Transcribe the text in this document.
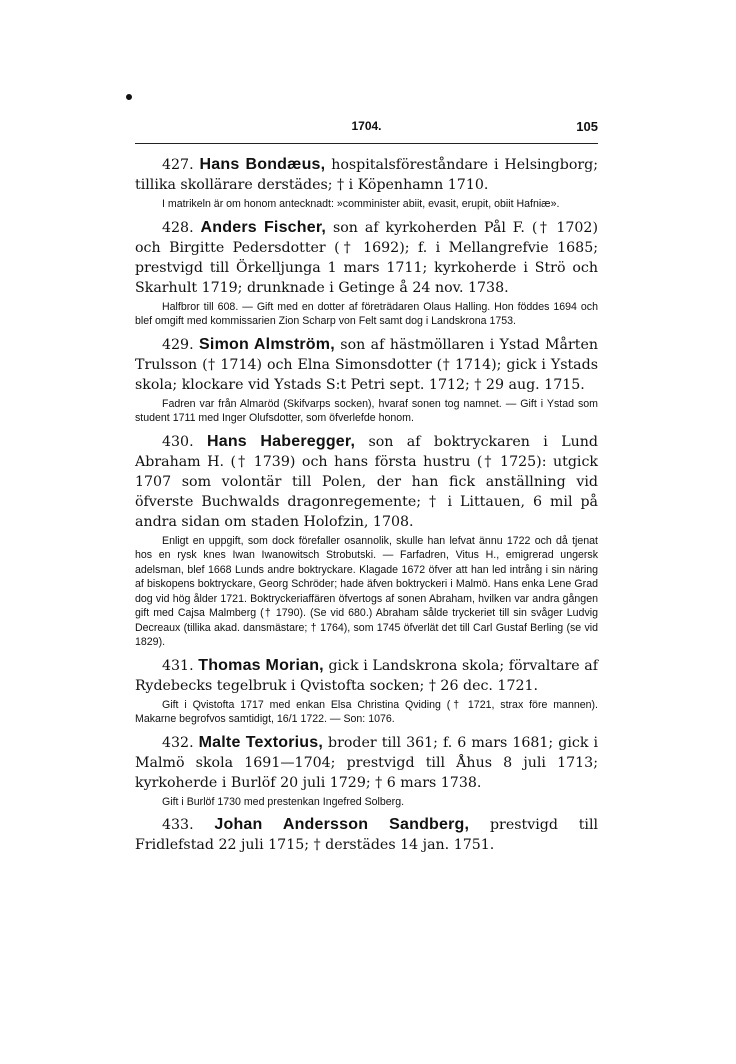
1704.	105

427. Hans Bondæus, hospitalsföreståndare i Helsingborg; tillika skollärare derstädes; † i Köpenhamn 1710.

I matrikeln är om honom antecknadt: »comminister abiit, evasit, erupit, obiit Hafniæ».

428. Anders Fischer, son af kyrkoherden Pål F. († 1702) och Birgitte Pedersdotter († 1692); f. i Mellangrefvie 1685; prestvigd till Örkelljunga 1 mars 1711; kyrkoherde i Strö och Skarhult 1719; drunknade i Getinge å 24 nov. 1738.

Halfbror till 608. — Gift med en dotter af företrädaren Olaus Halling. Hon föddes 1694 och blef omgift med kommissarien Zion Scharp von Felt samt dog i Landskrona 1753.

429. Simon Almström, son af hästmöllaren i Ystad Mårten Trulsson († 1714) och Elna Simonsdotter († 1714); gick i Ystads skola; klockare vid Ystads S:t Petri sept. 1712; † 29 aug. 1715.

Fadren var från Almaröd (Skifvarps socken), hvaraf sonen tog namnet. — Gift i Ystad som student 1711 med Inger Olufsdotter, som öfverlefde honom.

430. Hans Haberegger, son af boktryckaren i Lund Abraham H. († 1739) och hans första hustru († 1725): utgick 1707 som volontär till Polen, der han fick anställning vid öfverste Buchwalds dragonregemente; † i Littauen, 6 mil på andra sidan om staden Holofzin, 1708.

Enligt en uppgift, som dock förefaller osannolik, skulle han lefvat ännu 1722 och då tjenat hos en rysk knes Iwan Iwanowitsch Strobutski. — Farfadren, Vitus H., emigrerad ungersk adelsman, blef 1668 Lunds andre boktryckare. Klagade 1672 öfver att han led intrång i sin näring af biskopens boktryckare, Georg Schröder; hade äfven boktryckeri i Malmö. Hans enka Lene Grad dog vid hög ålder 1721. Boktryckeriaffären öfvertogs af sonen Abraham, hvilken var andra gången gift med Cajsa Malmberg († 1790). (Se vid 680.) Abraham sålde tryckeriet till sin svåger Ludvig Decreaux (tillika akad. dansmästare; † 1764), som 1745 öfverlät det till Carl Gustaf Berling (se vid 1829).

431. Thomas Morian, gick i Landskrona skola; förvaltare af Rydebecks tegelbruk i Qvistofta socken; † 26 dec. 1721.

Gift i Qvistofta 1717 med enkan Elsa Christina Qviding († 1721, strax före mannen). Makarne begrofvos samtidigt, 16/1 1722. — Son: 1076.

432. Malte Textorius, broder till 361; f. 6 mars 1681; gick i Malmö skola 1691—1704; prestvigd till Åhus 8 juli 1713; kyrkoherde i Burlöf 20 juli 1729; † 6 mars 1738.

Gift i Burlöf 1730 med prestenkan Ingefred Solberg.

433. Johan Andersson Sandberg, prestvigd till Fridlefstad 22 juli 1715; † derstädes 14 jan. 1751.
